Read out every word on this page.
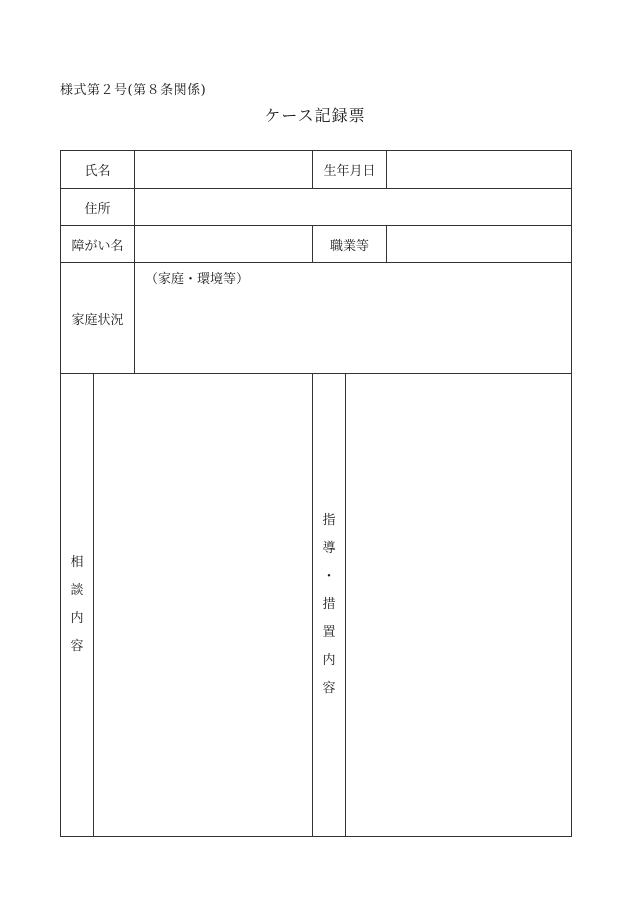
様式第２号(第８条関係)
ケース記録票
氏名	生年月日
住所
障がい名	職業等
家庭状況
（家庭・環境等）
相
談
内
容
指
導
・
措
置
内
容
